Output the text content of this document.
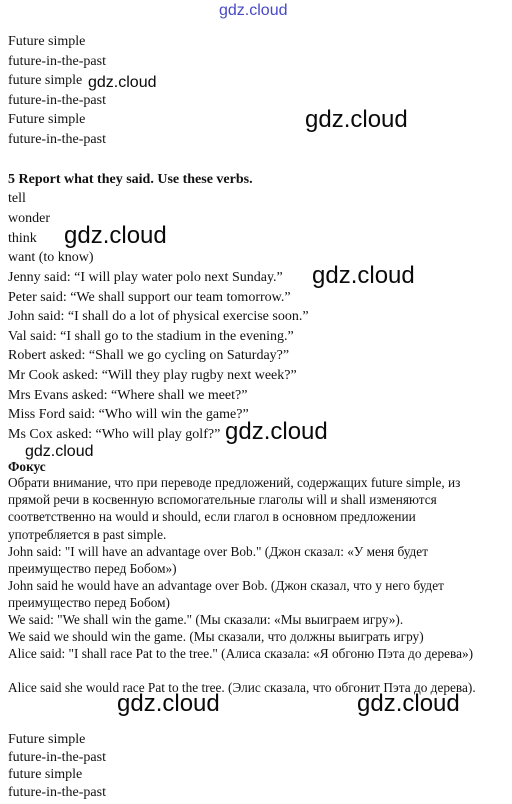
gdz.cloud
Future simple
future-in-the-past
future simple
future-in-the-past
Future simple
future-in-the-past
5 Report what they said. Use these verbs.
tell
wonder
think
want (to know)
Jenny said: “I will play water polo next Sunday.”
Peter said: “We shall support our team tomorrow.”
John said: “I shall do a lot of physical exercise soon.”
Val said: “I shall go to the stadium in the evening.”
Robert asked: “Shall we go cycling on Saturday?”
Mr Cook asked: “Will they play rugby next week?”
Mrs Evans asked: “Where shall we meet?”
Miss Ford said: “Who will win the game?”
Ms Cox asked: “Who will play golf?”
Фокус
Обрати внимание, что при переводе предложений, содержащих future simple, из прямой речи в косвенную вспомогательные глаголы will и shall изменяются соответственно на would и should, если глагол в основном предложении употребляется в past simple.
John said: "I will have an advantage over Bob." (Джон сказал: «У меня будет преимущество перед Бобом»)
John said he would have an advantage over Bob. (Джон сказал, что у него будет преимущество перед Бобом)
We said: "We shall win the game." (Мы сказали: «Мы выиграем игру»).
We said we should win the game. (Мы сказали, что должны выиграть игру)
Alice said: "I shall race Pat to the tree." (Алиса сказала: «Я обгоню Пэта до дерева»)
Alice said she would race Pat to the tree. (Элис сказала, что обгонит Пэта до дерева).
Future simple
future-in-the-past
future simple
future-in-the-past
gdz.cloud
gdz.cloud
gdz.cloud
gdz.cloud
gdz.cloud
gdz.cloud
gdz.cloud	gdz.cloud
